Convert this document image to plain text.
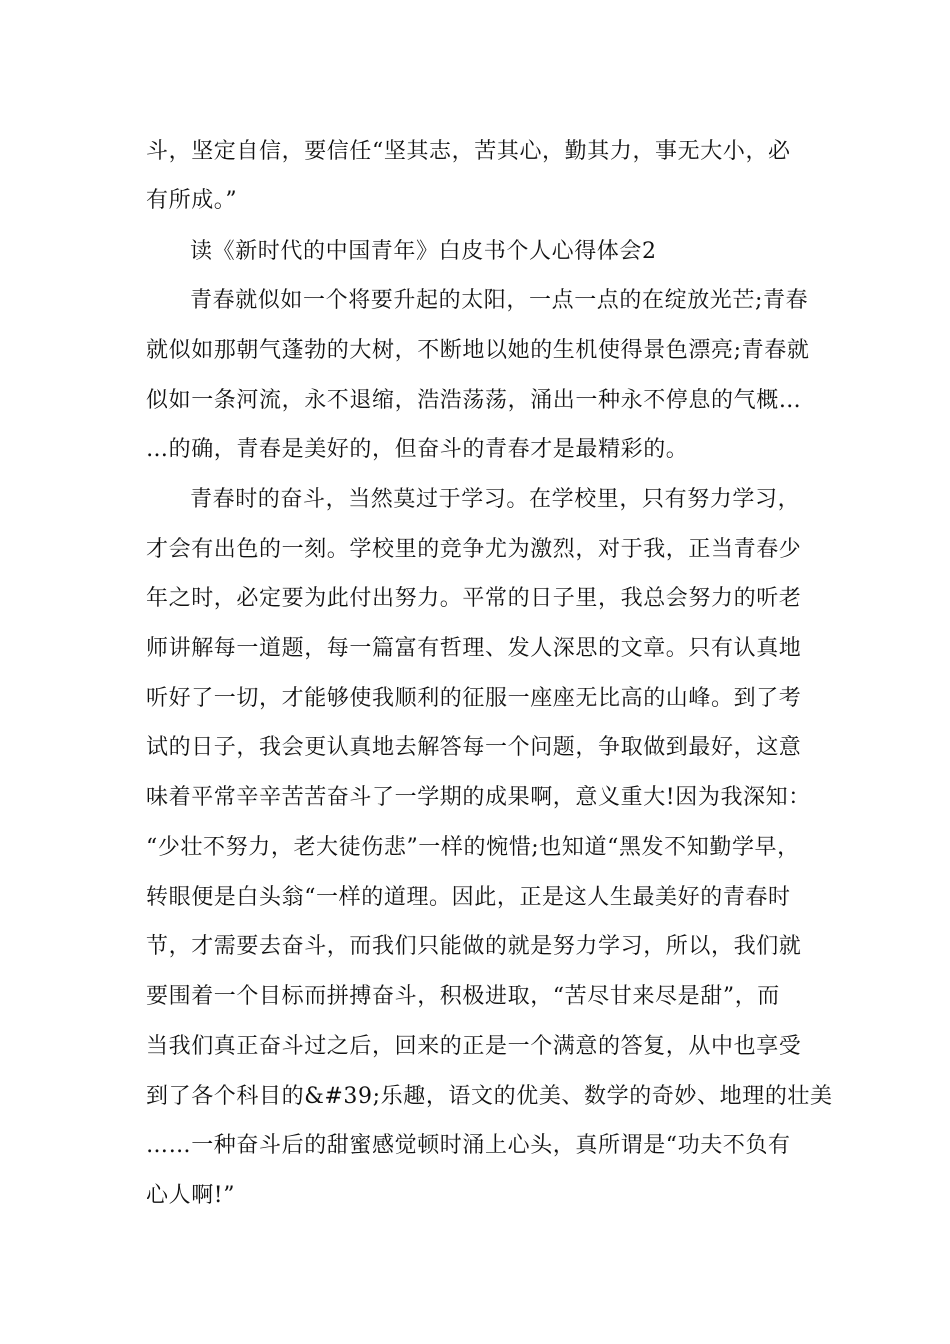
斗，坚定自信，要信任“坚其志，苦其心，勤其力，事无大小，必
有所成。”
读《新时代的中国青年》白皮书个人心得体会2
青春就似如一个将要升起的太阳，一点一点的在绽放光芒;青春
就似如那朝气蓬勃的大树，不断地以她的生机使得景色漂亮;青春就
似如一条河流，永不退缩，浩浩荡荡，涌出一种永不停息的气概…
…的确，青春是美好的，但奋斗的青春才是最精彩的。
青春时的奋斗，当然莫过于学习。在学校里，只有努力学习，
才会有出色的一刻。学校里的竞争尤为激烈，对于我，正当青春少
年之时，必定要为此付出努力。平常的日子里，我总会努力的听老
师讲解每一道题，每一篇富有哲理、发人深思的文章。只有认真地
听好了一切，才能够使我顺利的征服一座座无比高的山峰。到了考
试的日子，我会更认真地去解答每一个问题，争取做到最好，这意
味着平常辛辛苦苦奋斗了一学期的成果啊，意义重大!因为我深知：
“少壮不努力，老大徒伤悲”一样的惋惜;也知道“黑发不知勤学早，
转眼便是白头翁“一样的道理。因此，正是这人生最美好的青春时
节，才需要去奋斗，而我们只能做的就是努力学习，所以，我们就
要围着一个目标而拼搏奋斗，积极进取，“苦尽甘来尽是甜”，而
当我们真正奋斗过之后，回来的正是一个满意的答复，从中也享受
到了各个科目的&#39;乐趣，语文的优美、数学的奇妙、地理的壮美
……一种奋斗后的甜蜜感觉顿时涌上心头，真所谓是“功夫不负有
心人啊!”
